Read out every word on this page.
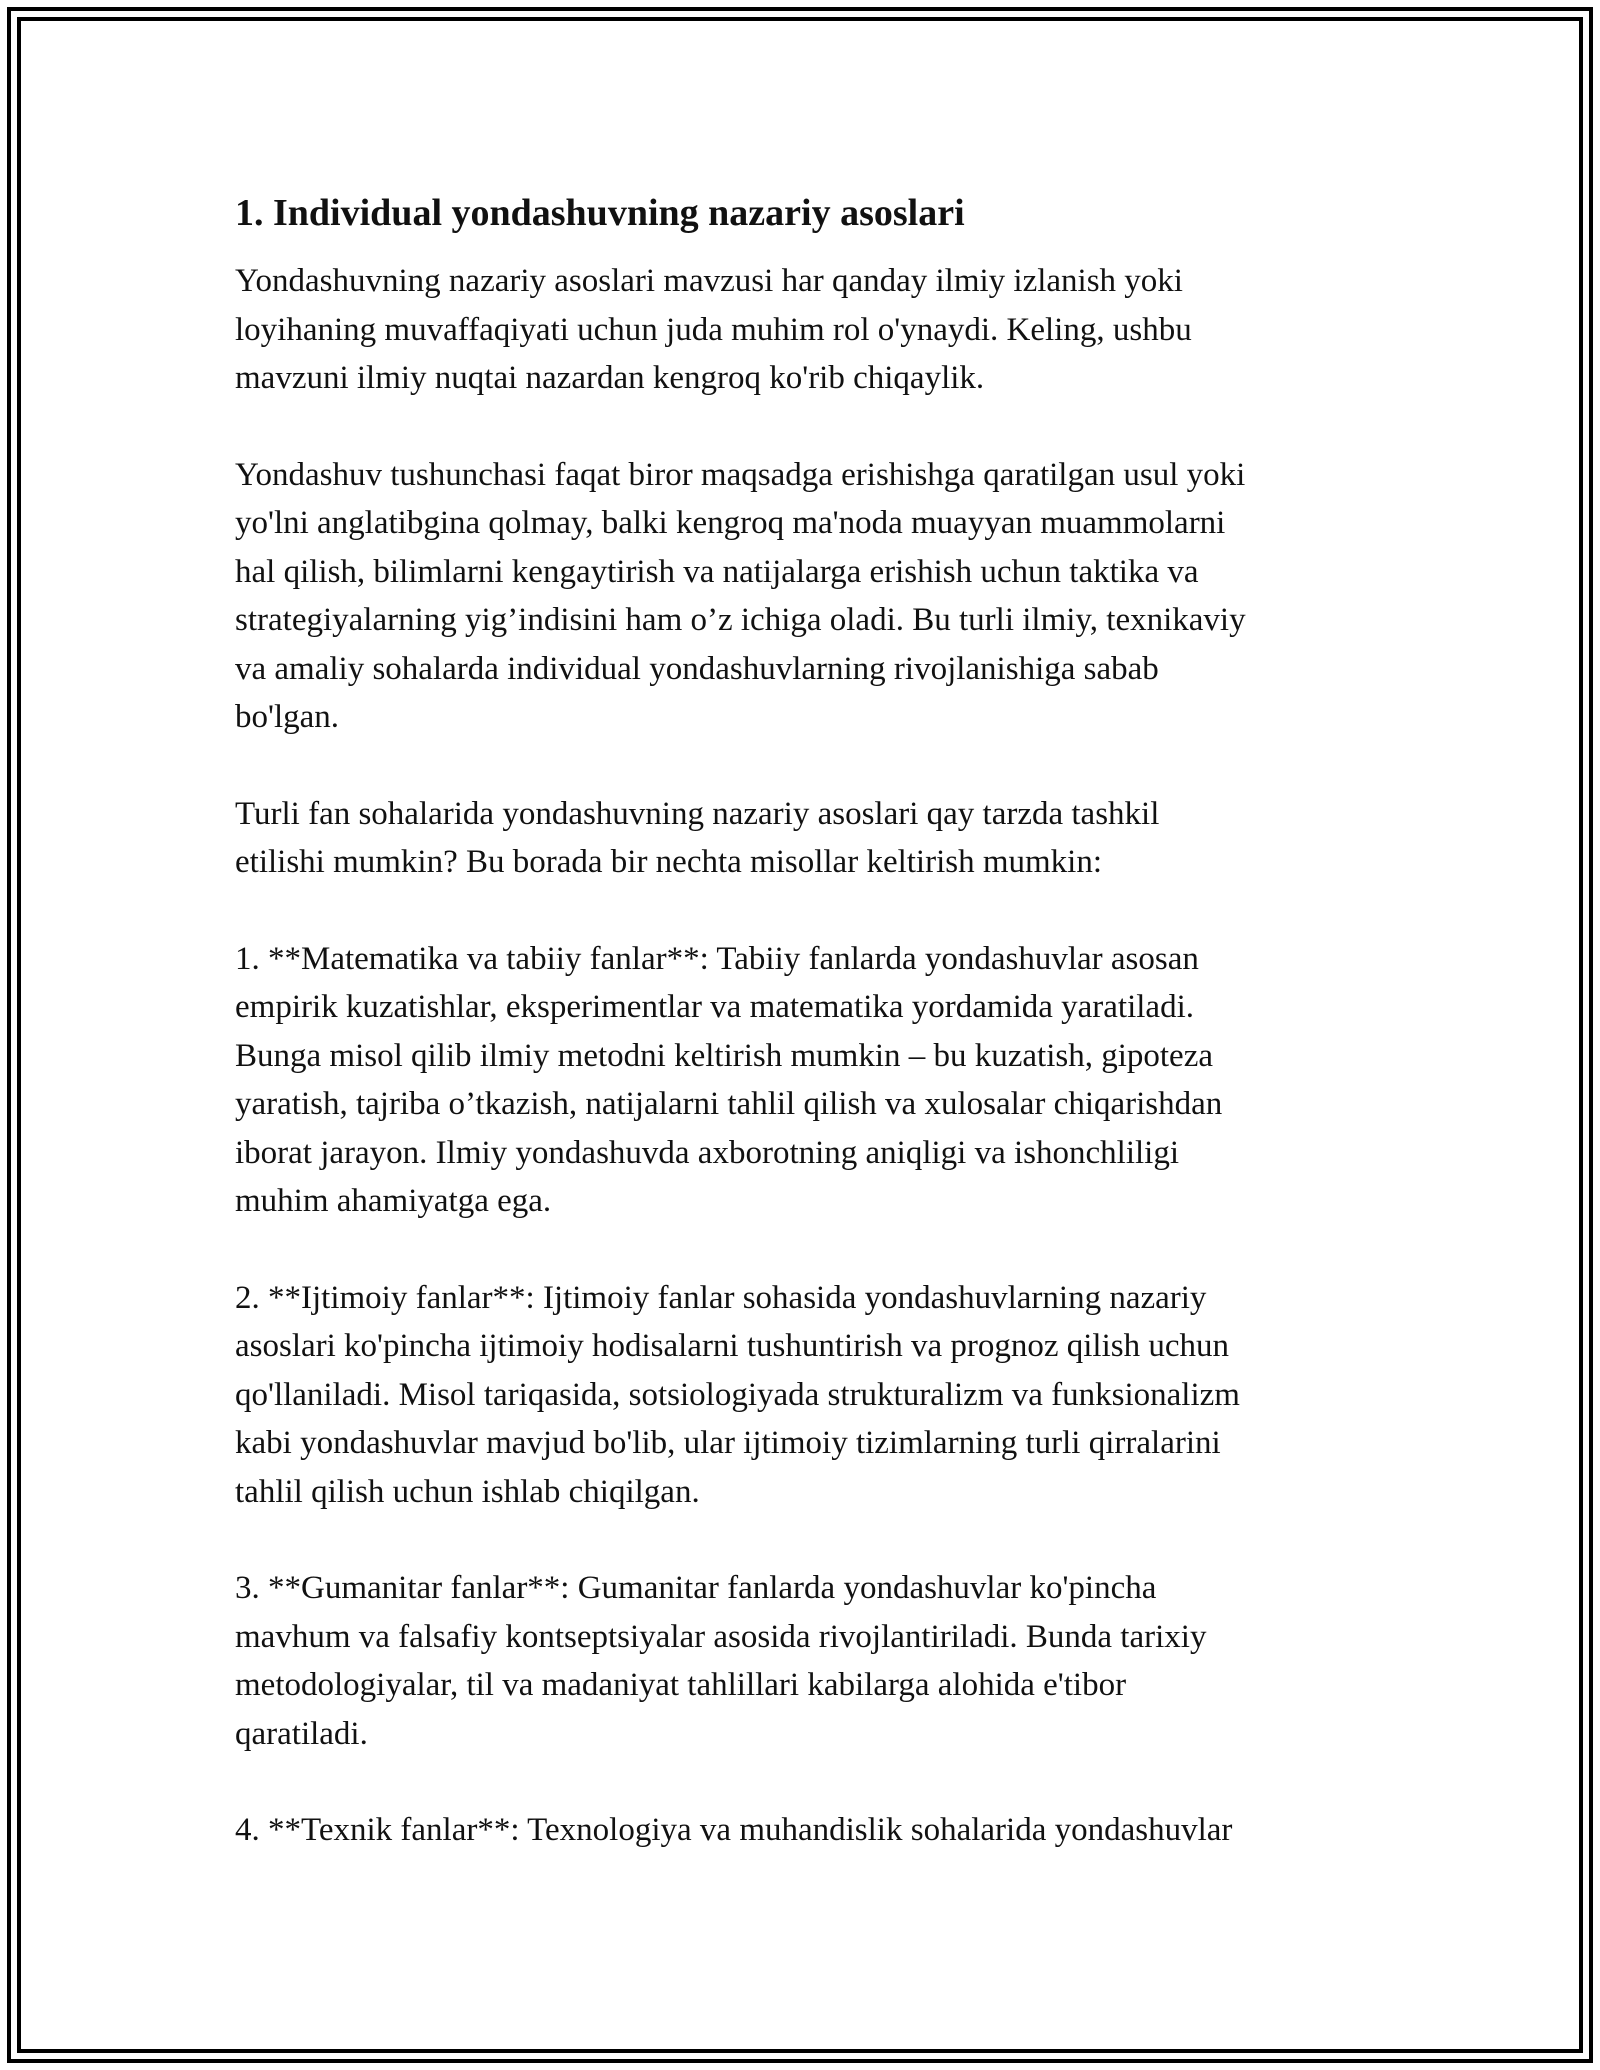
1. Individual yondashuvning nazariy asoslari

Yondashuvning nazariy asoslari mavzusi har qanday ilmiy izlanish yoki
loyihaning muvaffaqiyati uchun juda muhim rol o'ynaydi. Keling, ushbu
mavzuni ilmiy nuqtai nazardan kengroq ko'rib chiqaylik.

Yondashuv tushunchasi faqat biror maqsadga erishishga qaratilgan usul yoki
yo'lni anglatibgina qolmay, balki kengroq ma'noda muayyan muammolarni
hal qilish, bilimlarni kengaytirish va natijalarga erishish uchun taktika va
strategiyalarning yig’indisini ham o’z ichiga oladi. Bu turli ilmiy, texnikaviy
va amaliy sohalarda individual yondashuvlarning rivojlanishiga sabab
bo'lgan.

Turli fan sohalarida yondashuvning nazariy asoslari qay tarzda tashkil
etilishi mumkin? Bu borada bir nechta misollar keltirish mumkin:

1. **Matematika va tabiiy fanlar**: Tabiiy fanlarda yondashuvlar asosan
empirik kuzatishlar, eksperimentlar va matematika yordamida yaratiladi.
Bunga misol qilib ilmiy metodni keltirish mumkin – bu kuzatish, gipoteza
yaratish, tajriba o’tkazish, natijalarni tahlil qilish va xulosalar chiqarishdan
iborat jarayon. Ilmiy yondashuvda axborotning aniqligi va ishonchliligi
muhim ahamiyatga ega.

2. **Ijtimoiy fanlar**: Ijtimoiy fanlar sohasida yondashuvlarning nazariy
asoslari ko'pincha ijtimoiy hodisalarni tushuntirish va prognoz qilish uchun
qo'llaniladi. Misol tariqasida, sotsiologiyada strukturalizm va funksionalizm
kabi yondashuvlar mavjud bo'lib, ular ijtimoiy tizimlarning turli qirralarini
tahlil qilish uchun ishlab chiqilgan.

3. **Gumanitar fanlar**: Gumanitar fanlarda yondashuvlar ko'pincha
mavhum va falsafiy kontseptsiyalar asosida rivojlantiriladi. Bunda tarixiy
metodologiyalar, til va madaniyat tahlillari kabilarga alohida e'tibor
qaratiladi.

4. **Texnik fanlar**: Texnologiya va muhandislik sohalarida yondashuvlar
